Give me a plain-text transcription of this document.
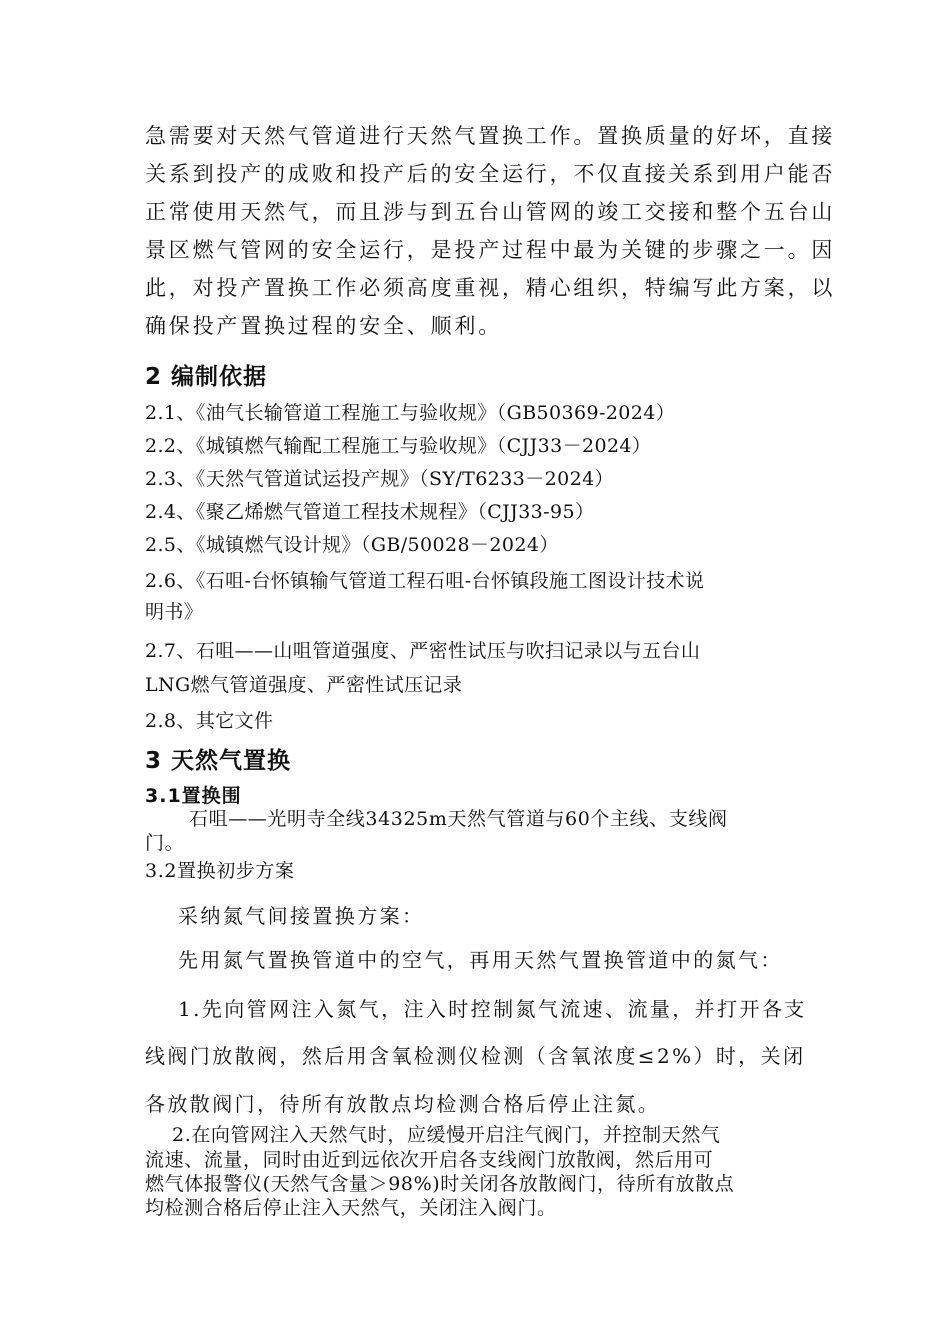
急需要对天然气管道进行天然气置换工作。置换质量的好坏，直接
关系到投产的成败和投产后的安全运行，不仅直接关系到用户能否
正常使用天然气，而且涉与到五台山管网的竣工交接和整个五台山
景区燃气管网的安全运行，是投产过程中最为关键的步骤之一。因
此，对投产置换工作必须高度重视，精心组织，特编写此方案，以
确保投产置换过程的安全、顺利。
2 编制依据
2.1、《油气长输管道工程施工与验收规》（GB50369-2024）
2.2、《城镇燃气输配工程施工与验收规》（CJJ33－2024）
2.3、《天然气管道试运投产规》（SY/T6233－2024）
2.4、《聚乙烯燃气管道工程技术规程》（CJJ33-95）
2.5、《城镇燃气设计规》（GB/50028－2024）
2.6、《石咀-台怀镇输气管道工程石咀-台怀镇段施工图设计技术说
明书》
2.7、石咀——山咀管道强度、严密性试压与吹扫记录以与五台山
LNG燃气管道强度、严密性试压记录
2.8、其它文件
3 天然气置换
3.1置换围
石咀——光明寺全线34325m天然气管道与60个主线、支线阀
门。
3.2置换初步方案
采纳氮气间接置换方案：
先用氮气置换管道中的空气，再用天然气置换管道中的氮气：
1.先向管网注入氮气，注入时控制氮气流速、流量，并打开各支
线阀门放散阀，然后用含氧检测仪检测（含氧浓度≤2%）时，关闭
各放散阀门，待所有放散点均检测合格后停止注氮。
2.在向管网注入天然气时，应缓慢开启注气阀门，并控制天然气
流速、流量，同时由近到远依次开启各支线阀门放散阀，然后用可
燃气体报警仪(天然气含量＞98%)时关闭各放散阀门，待所有放散点
均检测合格后停止注入天然气，关闭注入阀门。
